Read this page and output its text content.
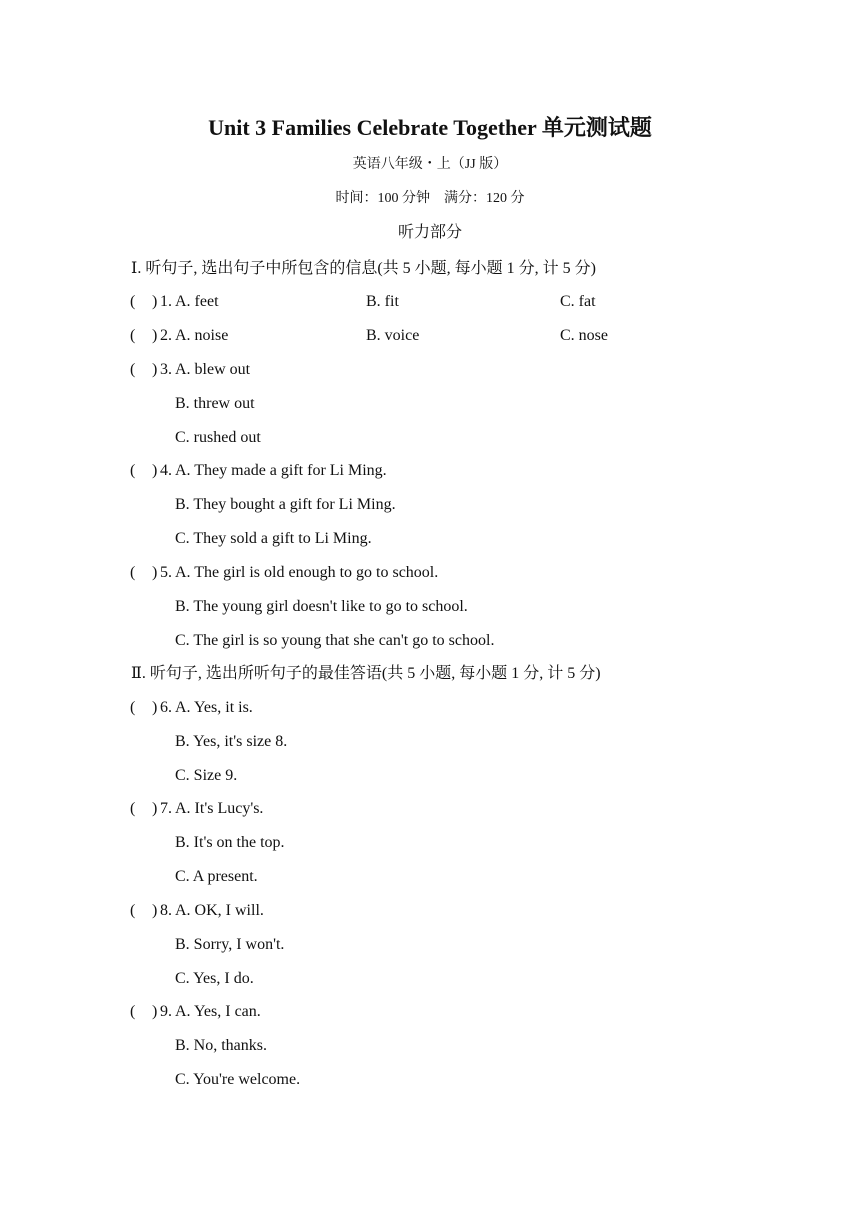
Unit 3 Families Celebrate Together 单元测试题
英语八年级・上（JJ 版）
时间：100 分钟　满分：120 分
听力部分
Ⅰ. 听句子, 选出句子中所包含的信息(共 5 小题, 每小题 1 分, 计 5 分)
( ) 1. A. feet	B. fit	C. fat
( ) 2. A. noise	B. voice	C. nose
( ) 3. A. blew out
B. threw out
C. rushed out
( ) 4. A. They made a gift for Li Ming.
B. They bought a gift for Li Ming.
C. They sold a gift to Li Ming.
( ) 5. A. The girl is old enough to go to school.
B. The young girl doesn't like to go to school.
C. The girl is so young that she can't go to school.
Ⅱ. 听句子, 选出所听句子的最佳答语(共 5 小题, 每小题 1 分, 计 5 分)
( ) 6. A. Yes, it is.
B. Yes, it's size 8.
C. Size 9.
( ) 7. A. It's Lucy's.
B. It's on the top.
C. A present.
( ) 8. A. OK, I will.
B. Sorry, I won't.
C. Yes, I do.
( ) 9. A. Yes, I can.
B. No, thanks.
C. You're welcome.
